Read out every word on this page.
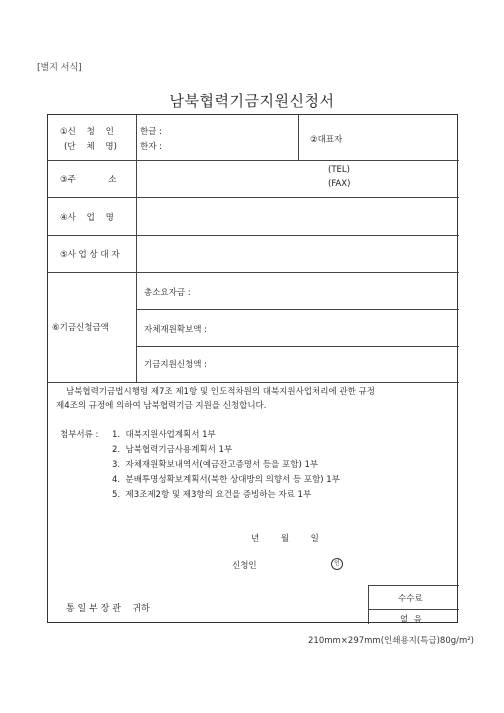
[별지 서식]
남북협력기금지원신청서
①신    청    인
(단    체    명)
한글 :
한자 :
②대표자
③주            소
(TEL)
(FAX)
④사    업    명
⑤사 업 상 대 자
⑥기금신청금액
총소요자금 :
자체재원확보액 :
기금지원신청액 :
남북협력기금법시행령 제7조 제1항 및 인도적차원의 대북지원사업처리에 관한 규정
제4조의 규정에 의하여 남북협력기금 지원을 신청합니다.
첨부서류 : 1.  대북지원사업계획서 1부
2.  남북협력기금사용계획서 1부
3.  자체재원확보내역서(예금잔고증명서 등을 포함) 1부
4.  분배투명성확보계획서(북한 상대방의 의향서 등 포함) 1부
5.  제3조제2항 및 제3항의 요건을 증빙하는 자료 1부
년        월        일
신청인	인
통 일 부 장 관    귀하
수수료
없  음
210mm×297mm(인쇄용지(특급)80g/m²)
